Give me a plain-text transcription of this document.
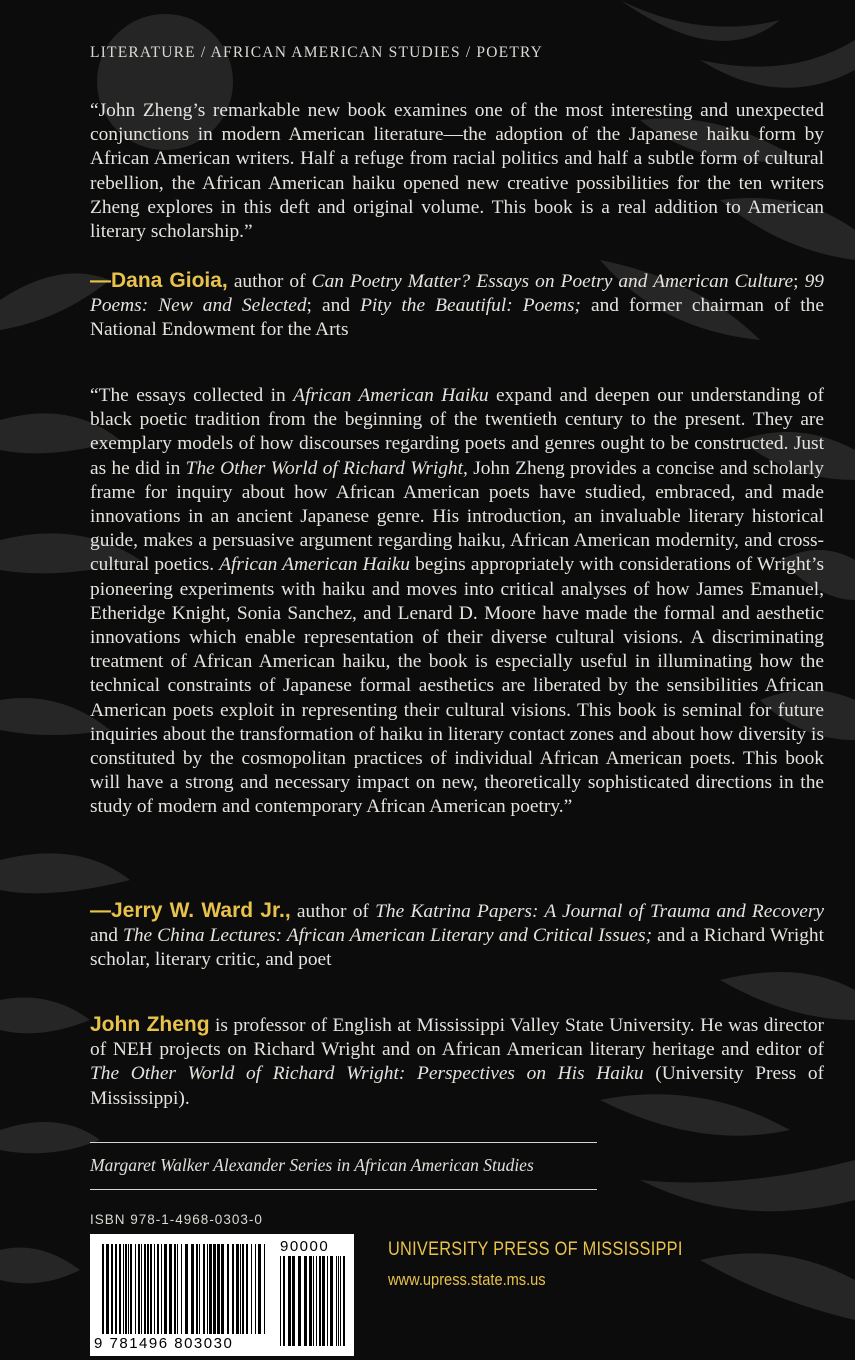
LITERATURE / AFRICAN AMERICAN STUDIES / POETRY

“John Zheng’s remarkable new book examines one of the most interesting and unexpected conjunctions in modern American literature—the adoption of the Japanese haiku form by African American writers. Half a refuge from racial politics and half a subtle form of cultural rebellion, the African American haiku opened new creative possibilities for the ten writers Zheng explores in this deft and original volume. This book is a real addition to American literary scholarship.”

—Dana Gioia, author of Can Poetry Matter? Essays on Poetry and American Culture; 99 Poems: New and Selected; and Pity the Beautiful: Poems; and former chairman of the National Endowment for the Arts

“The essays collected in African American Haiku expand and deepen our understanding of black poetic tradition from the beginning of the twentieth century to the present. They are exemplary models of how discourses regarding poets and genres ought to be constructed. Just as he did in The Other World of Richard Wright, John Zheng provides a concise and scholarly frame for inquiry about how African American poets have studied, embraced, and made innovations in an ancient Japanese genre. His introduction, an invaluable literary historical guide, makes a persuasive argument regarding haiku, African American modernity, and cross-cultural poetics. African American Haiku begins appropriately with considerations of Wright’s pioneering experiments with haiku and moves into critical analyses of how James Emanuel, Etheridge Knight, Sonia Sanchez, and Lenard D. Moore have made the formal and aesthetic innovations which enable representation of their diverse cultural visions. A discriminating treatment of African American haiku, the book is especially useful in illuminating how the technical constraints of Japanese formal aesthetics are liberated by the sensibilities African American poets exploit in representing their cultural visions. This book is seminal for future inquiries about the transformation of haiku in literary contact zones and about how diversity is constituted by the cosmopolitan practices of individual African American poets. This book will have a strong and necessary impact on new, theoretically sophisticated directions in the study of modern and contemporary African American poetry.”

—Jerry W. Ward Jr., author of The Katrina Papers: A Journal of Trauma and Recovery and The China Lectures: African American Literary and Critical Issues; and a Richard Wright scholar, literary critic, and poet

John Zheng is professor of English at Mississippi Valley State University. He was director of NEH projects on Richard Wright and on African American literary heritage and editor of The Other World of Richard Wright: Perspectives on His Haiku (University Press of Mississippi).

Margaret Walker Alexander Series in African American Studies
ISBN 978-1-4968-0303-0
9 781496 803030
90000	UNIVERSITY PRESS OF MISSISSIPPI
www.upress.state.ms.us
